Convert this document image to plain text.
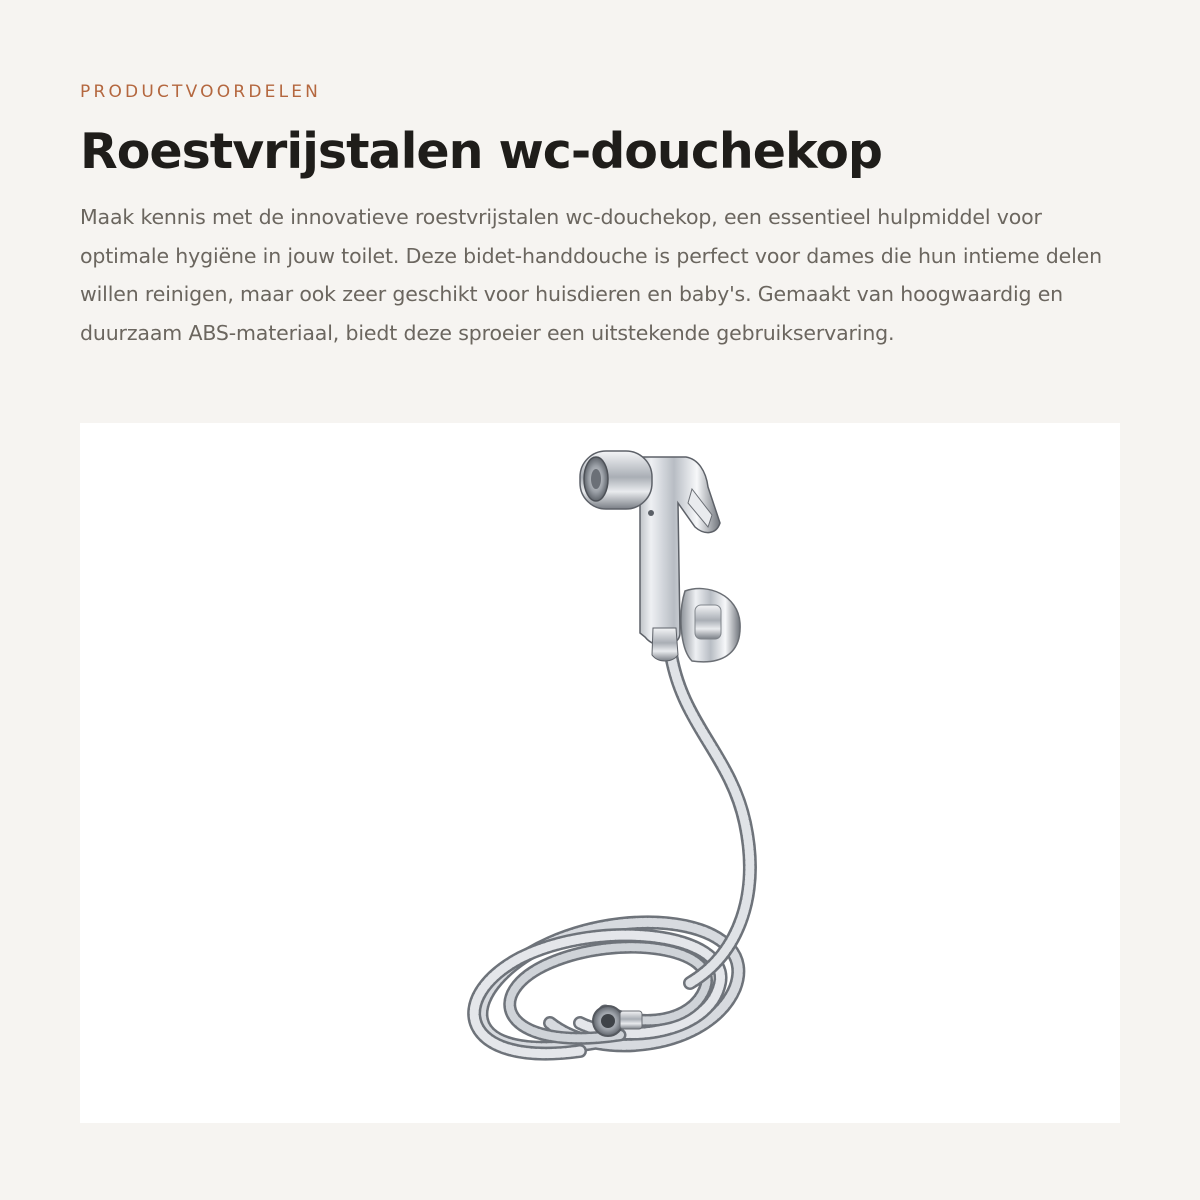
PRODUCTVOORDELEN
Roestvrijstalen wc-douchekop

Maak kennis met de innovatieve roestvrijstalen wc-douchekop, een essentieel hulpmiddel voor optimale hygiëne in jouw toilet. Deze bidet-handdouche is perfect voor dames die hun intieme delen willen reinigen, maar ook zeer geschikt voor huisdieren en baby's. Gemaakt van hoogwaardig en duurzaam ABS-materiaal, biedt deze sproeier een uitstekende gebruikservaring.
